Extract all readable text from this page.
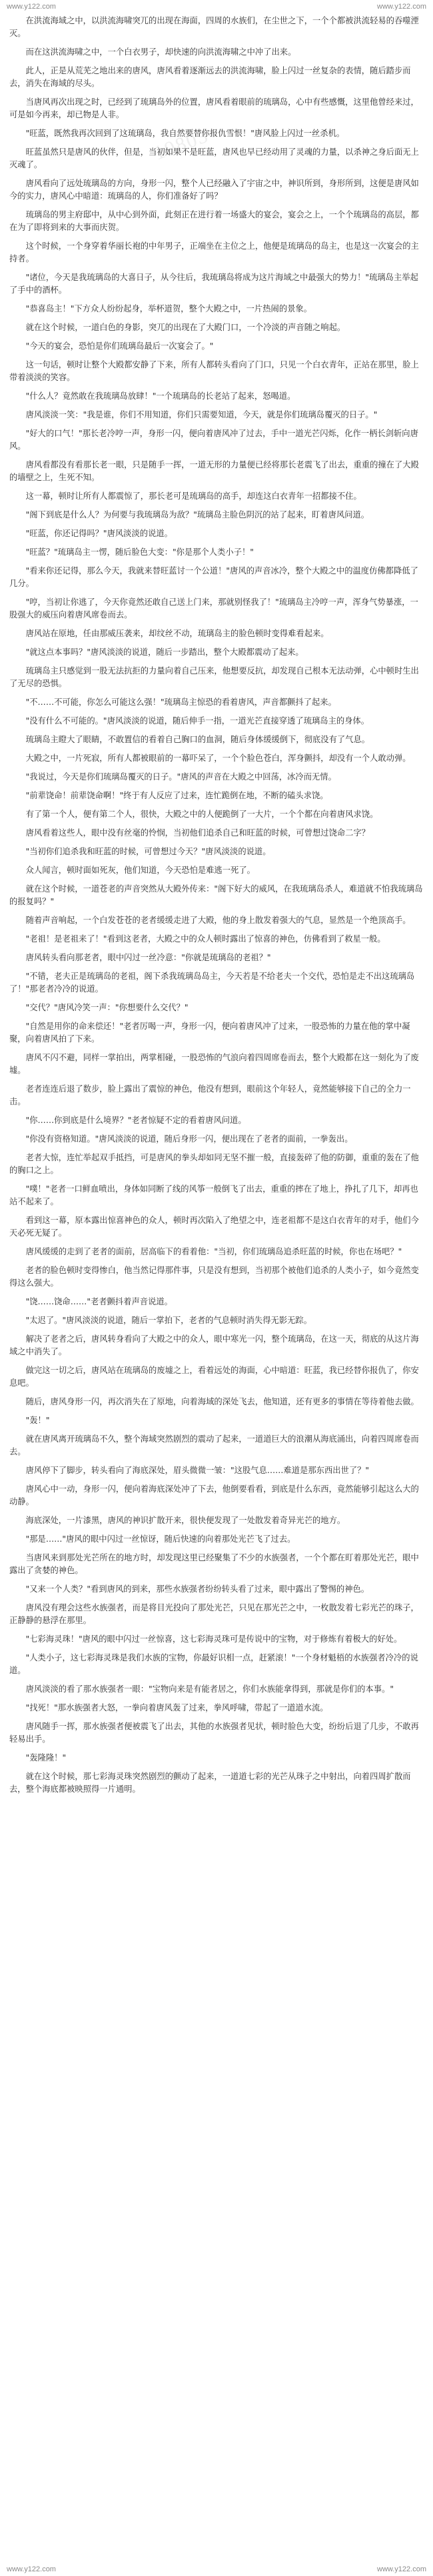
www.y122.com	www.y122.com
19803

在洪流海域之中，以洪流海啸突兀的出现在海面，四周的水族们，在尘世之下，一个个都被洪流轻易的吞噬湮灭。

而在这洪流海啸之中，一个白衣男子，却快速的向洪流海啸之中冲了出来。

此人，正是从荒芜之地出来的唐风，唐风看着逐渐远去的洪流海啸，脸上闪过一丝复杂的表情，随后踏步而去，消失在海域的尽头。

当唐风再次出现之时，已经到了琉璃岛外的位置，唐风看着眼前的琉璃岛，心中有些感慨，这里他曾经来过，可是如今再来，却已物是人非。

"旺蓝，既然我再次回到了这琉璃岛，我自然要替你报仇雪恨！"唐风脸上闪过一丝杀机。

旺蓝虽然只是唐风的伙伴，但是，当初如果不是旺蓝，唐风也早已经动用了灵魂的力量，以杀神之身后面无上灭魂了。

唐风看向了远处琉璃岛的方向，身形一闪，整个人已经融入了宇宙之中，神识所到，身形所到，这便是唐风如今的实力，唐风心中暗道：琉璃岛的人，你们准备好了吗？

琉璃岛的男主府邸中，从中心到外面，此刻正在进行着一场盛大的宴会，宴会之上，一个个琉璃岛的高层，都在为了即将到来的大事而庆贺。

这个时候，一个身穿着华丽长袍的中年男子，正端坐在主位之上，他便是琉璃岛的岛主，也是这一次宴会的主持者。

"诸位，今天是我琉璃岛的大喜日子，从今往后，我琉璃岛将成为这片海域之中最强大的势力！"琉璃岛主举起了手中的酒杯。

"恭喜岛主！"下方众人纷纷起身，举杯道贺，整个大殿之中，一片热闹的景象。

就在这个时候，一道白色的身影，突兀的出现在了大殿门口，一个冷淡的声音随之响起。

"今天的宴会，恐怕是你们琉璃岛最后一次宴会了。"

这一句话，顿时让整个大殿都安静了下来，所有人都转头看向了门口，只见一个白衣青年，正站在那里，脸上带着淡淡的笑容。

"什么人？竟然敢在我琉璃岛放肆！"一个琉璃岛的长老站了起来，怒喝道。

唐风淡淡一笑："我是谁，你们不用知道，你们只需要知道，今天，就是你们琉璃岛覆灭的日子。"

"好大的口气！"那长老冷哼一声，身形一闪，便向着唐风冲了过去，手中一道光芒闪烁，化作一柄长剑斩向唐风。

唐风看都没有看那长老一眼，只是随手一挥，一道无形的力量便已经将那长老震飞了出去，重重的撞在了大殿的墙壁之上，生死不知。

这一幕，顿时让所有人都震惊了，那长老可是琉璃岛的高手，却连这白衣青年一招都接不住。

"阁下到底是什么人？为何要与我琉璃岛为敌？"琉璃岛主脸色阴沉的站了起来，盯着唐风问道。

"旺蓝，你还记得吗？"唐风淡淡的说道。

"旺蓝？"琉璃岛主一愣，随后脸色大变："你是那个人类小子！"

"看来你还记得，那么今天，我就来替旺蓝讨一个公道！"唐风的声音冰冷，整个大殿之中的温度仿佛都降低了几分。

"哼，当初让你逃了，今天你竟然还敢自己送上门来，那就别怪我了！"琉璃岛主冷哼一声，浑身气势暴涨，一股强大的威压向着唐风席卷而去。

唐风站在原地，任由那威压袭来，却纹丝不动，琉璃岛主的脸色顿时变得难看起来。

"就这点本事吗？"唐风淡淡的说道，随后一步踏出，整个大殿都震动了起来。

琉璃岛主只感觉到一股无法抗拒的力量向着自己压来，他想要反抗，却发现自己根本无法动弹，心中顿时生出了无尽的恐惧。

"不……不可能，你怎么可能这么强！"琉璃岛主惊恐的看着唐风，声音都颤抖了起来。

"没有什么不可能的。"唐风淡淡的说道，随后伸手一指，一道光芒直接穿透了琉璃岛主的身体。

琉璃岛主瞪大了眼睛，不敢置信的看着自己胸口的血洞，随后身体缓缓倒下，彻底没有了气息。

大殿之中，一片死寂，所有人都被眼前的一幕吓呆了，一个个脸色苍白，浑身颤抖，却没有一个人敢动弹。

"我说过，今天是你们琉璃岛覆灭的日子。"唐风的声音在大殿之中回荡，冰冷而无情。

"前辈饶命！前辈饶命啊！"终于有人反应了过来，连忙跪倒在地，不断的磕头求饶。

有了第一个人，便有第二个人，很快，大殿之中的人便跪倒了一大片，一个个都在向着唐风求饶。

唐风看着这些人，眼中没有丝毫的怜悯，当初他们追杀自己和旺蓝的时候，可曾想过饶命二字？

"当初你们追杀我和旺蓝的时候，可曾想过今天？"唐风淡淡的说道。

众人闻言，顿时面如死灰，他们知道，今天恐怕是难逃一死了。

就在这个时候，一道苍老的声音突然从大殿外传来："阁下好大的威风，在我琉璃岛杀人，难道就不怕我琉璃岛的报复吗？"

随着声音响起，一个白发苍苍的老者缓缓走进了大殿，他的身上散发着强大的气息，显然是一个绝顶高手。

"老祖！是老祖来了！"看到这老者，大殿之中的众人顿时露出了惊喜的神色，仿佛看到了救星一般。

唐风转头看向那老者，眼中闪过一丝冷意："你就是琉璃岛的老祖？"

"不错，老夫正是琉璃岛的老祖，阁下杀我琉璃岛岛主，今天若是不给老夫一个交代，恐怕是走不出这琉璃岛了！"那老者冷冷的说道。

"交代？"唐风冷笑一声："你想要什么交代？"

"自然是用你的命来偿还！"老者厉喝一声，身形一闪，便向着唐风冲了过来，一股恐怖的力量在他的掌中凝聚，向着唐风拍了下来。

唐风不闪不避，同样一掌拍出，两掌相碰，一股恐怖的气浪向着四周席卷而去，整个大殿都在这一刻化为了废墟。

老者连连后退了数步，脸上露出了震惊的神色，他没有想到，眼前这个年轻人，竟然能够接下自己的全力一击。

"你……你到底是什么境界？"老者惊疑不定的看着唐风问道。

"你没有资格知道。"唐风淡淡的说道，随后身形一闪，便出现在了老者的面前，一拳轰出。

老者大惊，连忙举起双手抵挡，可是唐风的拳头却如同无坚不摧一般，直接轰碎了他的防御，重重的轰在了他的胸口之上。

"噗！"老者一口鲜血喷出，身体如同断了线的风筝一般倒飞了出去，重重的摔在了地上，挣扎了几下，却再也站不起来了。

看到这一幕，原本露出惊喜神色的众人，顿时再次陷入了绝望之中，连老祖都不是这白衣青年的对手，他们今天必死无疑了。

唐风缓缓的走到了老者的面前，居高临下的看着他："当初，你们琉璃岛追杀旺蓝的时候，你也在场吧？"

老者的脸色顿时变得惨白，他当然记得那件事，只是没有想到，当初那个被他们追杀的人类小子，如今竟然变得这么强大。

"饶……饶命……"老者颤抖着声音说道。

"太迟了。"唐风淡淡的说道，随后一掌拍下，老者的气息顿时消失得无影无踪。

解决了老者之后，唐风转身看向了大殿之中的众人，眼中寒光一闪，整个琉璃岛，在这一天，彻底的从这片海域之中消失了。

做完这一切之后，唐风站在琉璃岛的废墟之上，看着远处的海面，心中暗道：旺蓝，我已经替你报仇了，你安息吧。

随后，唐风身形一闪，再次消失在了原地，向着海域的深处飞去，他知道，还有更多的事情在等待着他去做。

"轰！"

就在唐风离开琉璃岛不久，整个海域突然剧烈的震动了起来，一道道巨大的浪潮从海底涌出，向着四周席卷而去。

唐风停下了脚步，转头看向了海底深处，眉头微微一皱："这股气息……难道是那东西出世了？"

唐风心中一动，身形一闪，便向着海底深处冲了下去，他倒要看看，到底是什么东西，竟然能够引起这么大的动静。

海底深处，一片漆黑，唐风的神识扩散开来，很快便发现了一处散发着奇异光芒的地方。

"那是……"唐风的眼中闪过一丝惊讶，随后快速的向着那处光芒飞了过去。

当唐风来到那处光芒所在的地方时，却发现这里已经聚集了不少的水族强者，一个个都在盯着那处光芒，眼中露出了贪婪的神色。

"又来一个人类？"看到唐风的到来，那些水族强者纷纷转头看了过来，眼中露出了警惕的神色。

唐风没有理会这些水族强者，而是将目光投向了那处光芒，只见在那光芒之中，一枚散发着七彩光芒的珠子，正静静的悬浮在那里。

"七彩海灵珠！"唐风的眼中闪过一丝惊喜，这七彩海灵珠可是传说中的宝物，对于修炼有着极大的好处。

"人类小子，这七彩海灵珠是我们水族的宝物，你最好识相一点，赶紧滚！"一个身材魁梧的水族强者冷冷的说道。

唐风淡淡的看了那水族强者一眼："宝物向来是有能者居之，你们水族能拿得到，那就是你们的本事。"

"找死！"那水族强者大怒，一拳向着唐风轰了过来，拳风呼啸，带起了一道道水流。

唐风随手一挥，那水族强者便被震飞了出去，其他的水族强者见状，顿时脸色大变，纷纷后退了几步，不敢再轻易出手。

"轰隆隆！"

就在这个时候，那七彩海灵珠突然剧烈的颤动了起来，一道道七彩的光芒从珠子之中射出，向着四周扩散而去，整个海底都被映照得一片通明。

www.y122.com	www.y122.com
